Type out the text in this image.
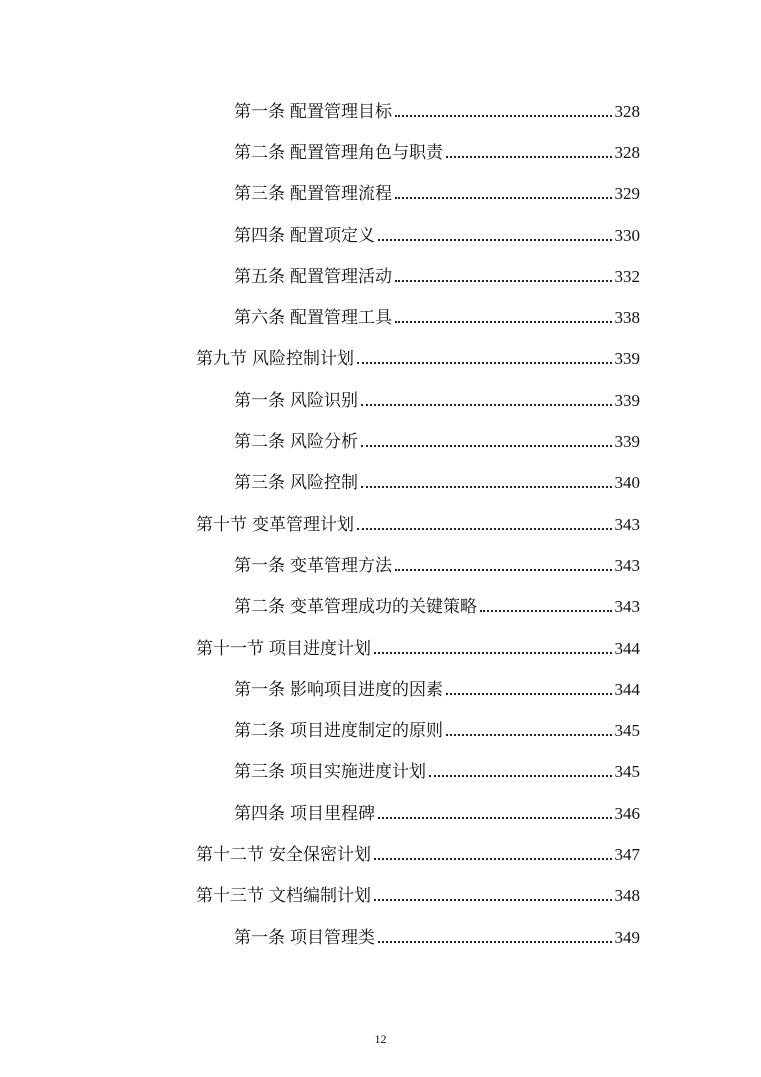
第一条 配置管理目标	328
第二条 配置管理角色与职责	328
第三条 配置管理流程	329
第四条 配置项定义	330
第五条 配置管理活动	332
第六条 配置管理工具	338
第九节 风险控制计划	339
第一条 风险识别	339
第二条 风险分析	339
第三条 风险控制	340
第十节 变革管理计划	343
第一条 变革管理方法	343
第二条 变革管理成功的关键策略	343
第十一节 项目进度计划	344
第一条 影响项目进度的因素	344
第二条 项目进度制定的原则	345
第三条 项目实施进度计划	345
第四条 项目里程碑	346
第十二节 安全保密计划	347
第十三节 文档编制计划	348
第一条 项目管理类	349
12
